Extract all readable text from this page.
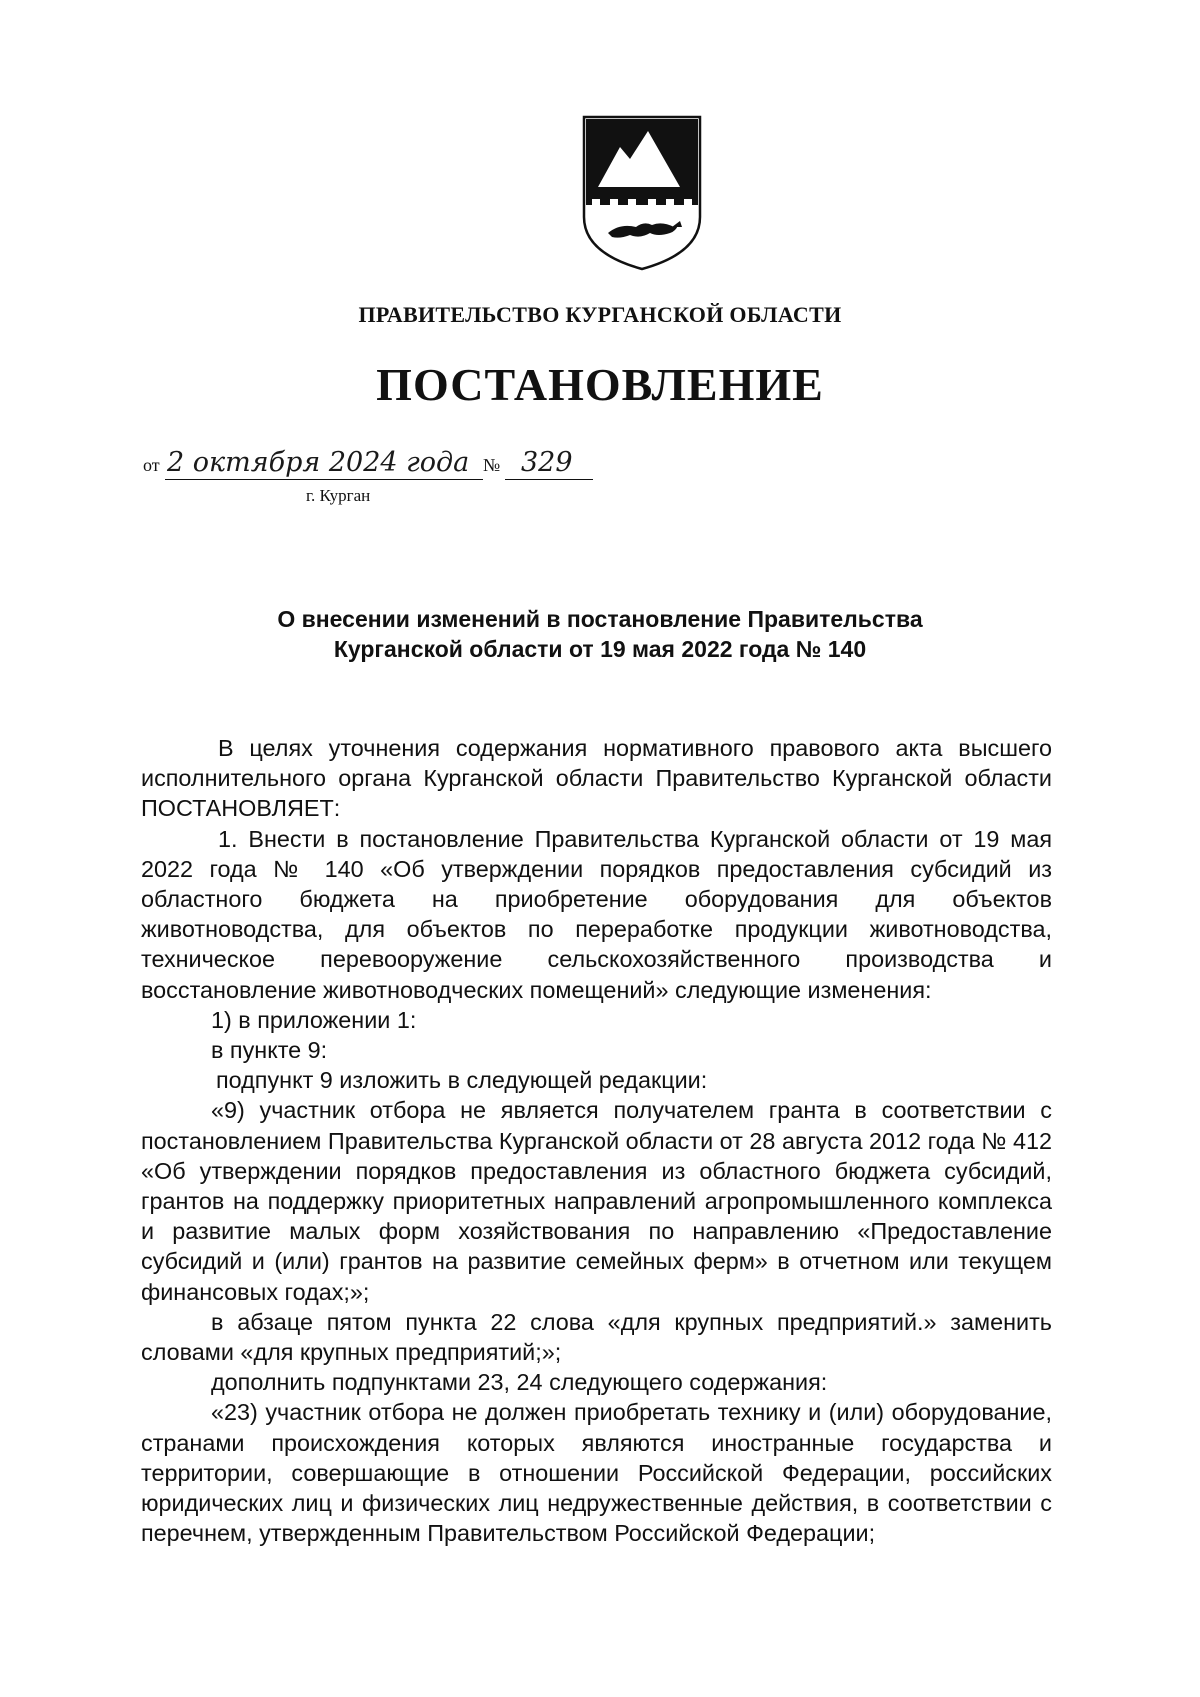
ПРАВИТЕЛЬСТВО КУРГАНСКОЙ ОБЛАСТИ
ПОСТАНОВЛЕНИЕ
от 2 октября 2024 года № 329
г. Курган
О внесении изменений в постановление Правительства
Курганской области от 19 мая 2022 года № 140

В целях уточнения содержания нормативного правового акта высшего исполнительного органа Курганской области Правительство Курганской области ПОСТАНОВЛЯЕТ:

1. Внести в постановление Правительства Курганской области от 19 мая 2022 года № 140 «Об утверждении порядков предоставления субсидий из областного бюджета на приобретение оборудования для объектов животноводства, для объектов по переработке продукции животноводства, техническое перевооружение сельскохозяйственного производства и восстановление животноводческих помещений» следующие изменения:

1) в приложении 1:

в пункте 9:

подпункт 9 изложить в следующей редакции:

«9) участник отбора не является получателем гранта в соответствии с постановлением Правительства Курганской области от 28 августа 2012 года № 412 «Об утверждении порядков предоставления из областного бюджета субсидий, грантов на поддержку приоритетных направлений агропромышленного комплекса и развитие малых форм хозяйствования по направлению «Предоставление субсидий и (или) грантов на развитие семейных ферм» в отчетном или текущем финансовых годах;»;

в абзаце пятом пункта 22 слова «для крупных предприятий.» заменить словами «для крупных предприятий;»;

дополнить подпунктами 23, 24 следующего содержания:

«23) участник отбора не должен приобретать технику и (или) оборудование, странами происхождения которых являются иностранные государства и территории, совершающие в отношении Российской Федерации, российских юридических лиц и физических лиц недружественные действия, в соответствии с перечнем, утвержденным Правительством Российской Федерации;
